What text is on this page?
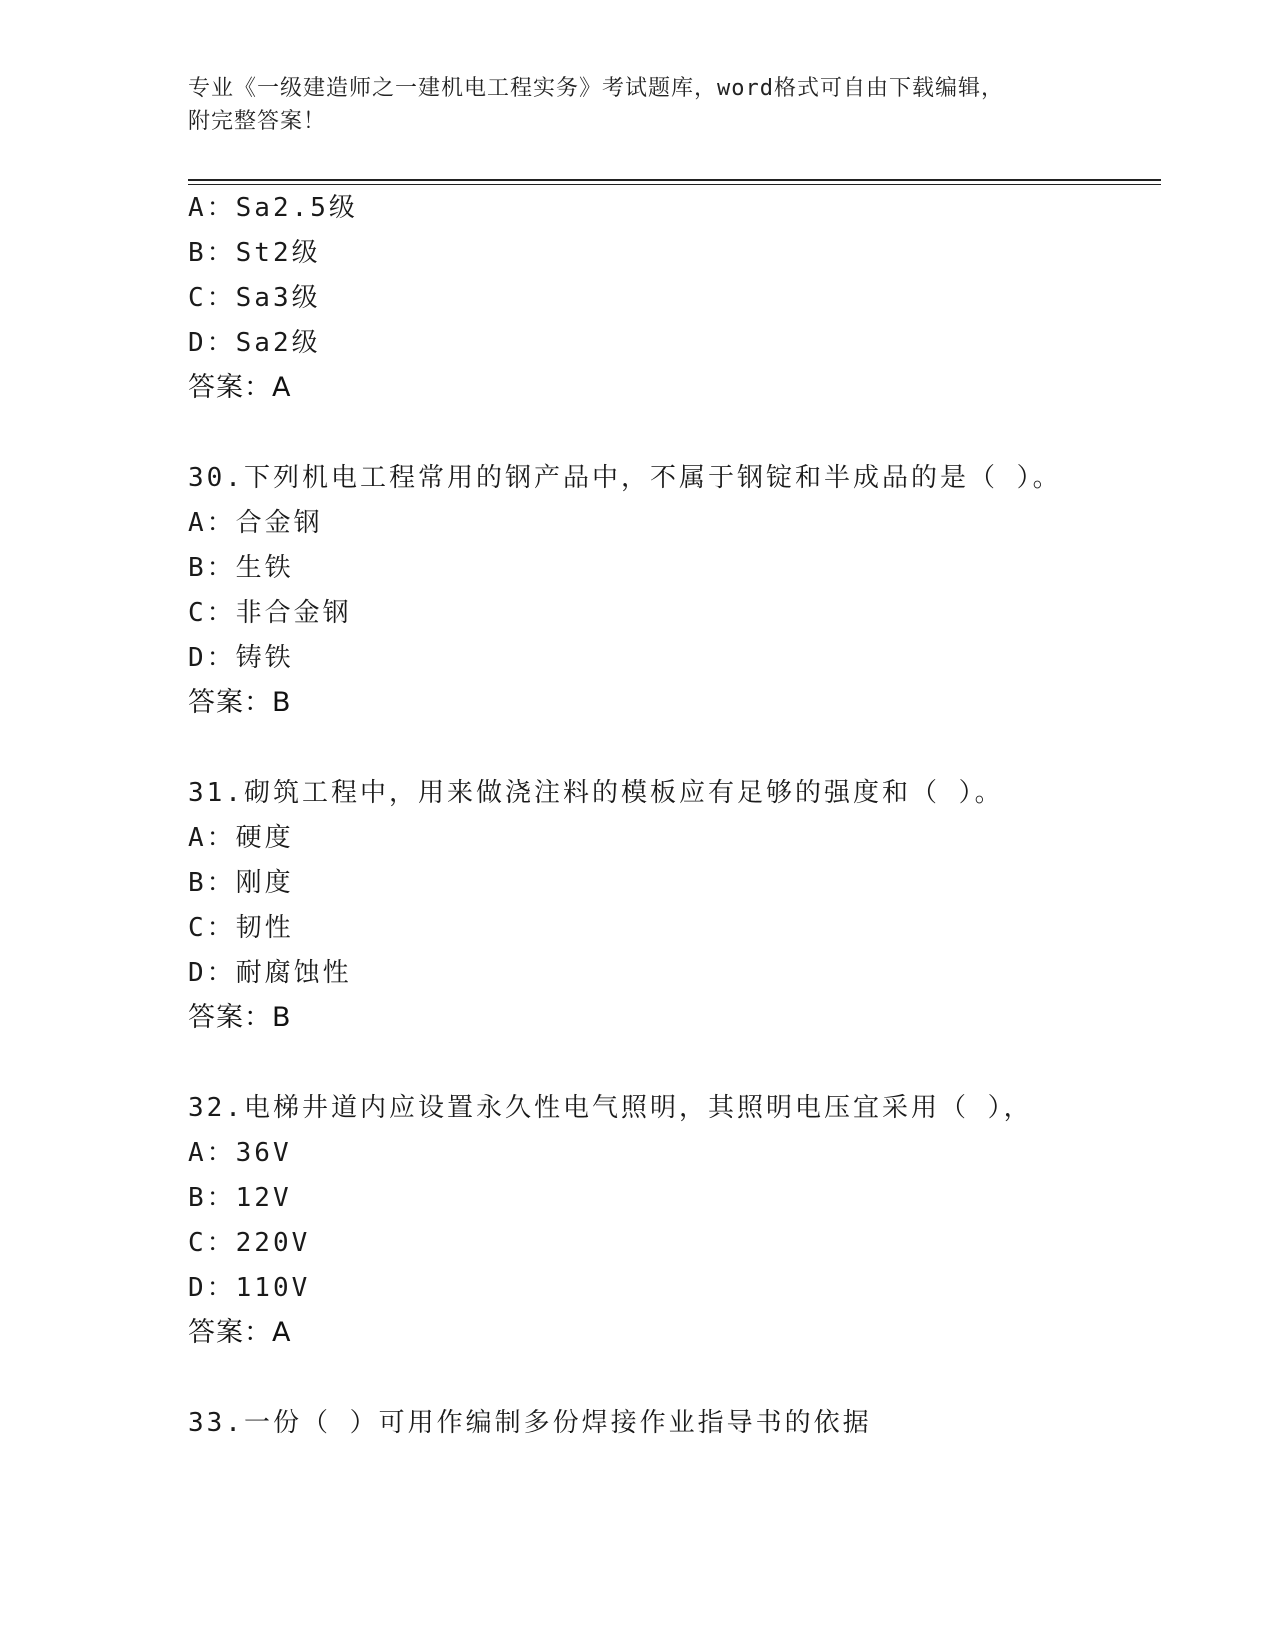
专业《一级建造师之一建机电工程实务》考试题库，word格式可自由下载编辑，
附完整答案！
A：Sa2.5级
B：St2级
C：Sa3级
D：Sa2级
答案：A
30.下列机电工程常用的钢产品中，不属于钢锭和半成品的是（ ）。
A：合金钢
B：生铁
C：非合金钢
D：铸铁
答案：B
31.砌筑工程中，用来做浇注料的模板应有足够的强度和（ ）。
A：硬度
B：刚度
C：韧性
D：耐腐蚀性
答案：B
32.电梯井道内应设置永久性电气照明，其照明电压宜采用（ ），
A：36V
B：12V
C：220V
D：110V
答案：A
33.一份（ ）可用作编制多份焊接作业指导书的依据
